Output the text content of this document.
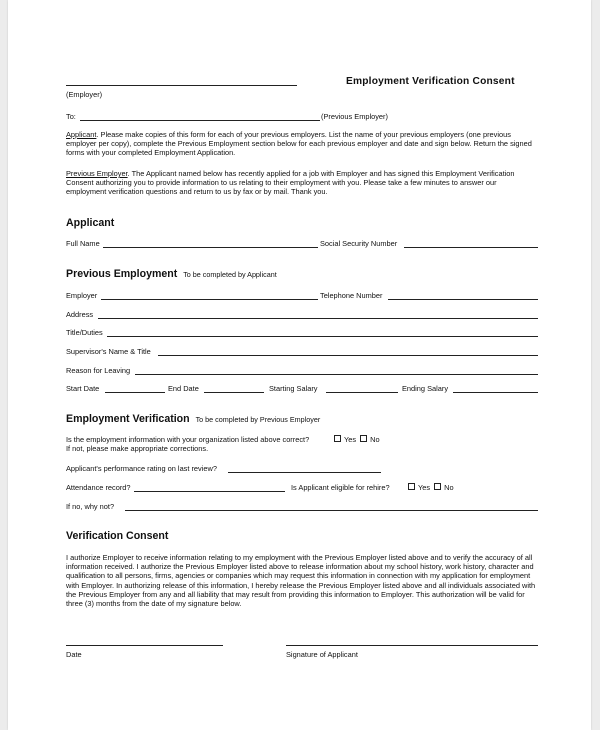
(Employer)
Employment Verification Consent
To:	(Previous Employer)
Applicant. Please make copies of this form for each of your previous employers. List the name of your previous employers (one previous employer per copy), complete the Previous Employment section below for each previous employer and date and sign below. Return the signed forms with your completed Employment Application.
Previous Employer. The Applicant named below has recently applied for a job with Employer and has signed this Employment Verification Consent authorizing you to provide information to us relating to their employment with you. Please take a few minutes to answer our employment verification questions and return to us by fax or by mail. Thank you.
Applicant
Full Name	Social Security Number
Previous Employment To be completed by Applicant
Employer	Telephone Number
Address
Title/Duties
Supervisor's Name & Title
Reason for Leaving
Start Date	End Date	Starting Salary	Ending Salary
Employment Verification To be completed by Previous Employer
Is the employment information with your organization listed above correct?	Yes No
If not, please make appropriate corrections.
Applicant's performance rating on last review?
Attendance record?	Is Applicant eligible for rehire?	Yes No
If no, why not?
Verification Consent
I authorize Employer to receive information relating to my employment with the Previous Employer listed above and to verify the accuracy of all information received. I authorize the Previous Employer listed above to release information about my school history, work history, character and qualification to all persons, firms, agencies or companies which may request this information in connection with my application for employment with Employer. In authorizing release of this information, I hereby release the Previous Employer listed above and all individuals associated with the Previous Employer from any and all liability that may result from providing this information to Employer. This authorization will be valid for three (3) months from the date of my signature below.
Date	Signature of Applicant
